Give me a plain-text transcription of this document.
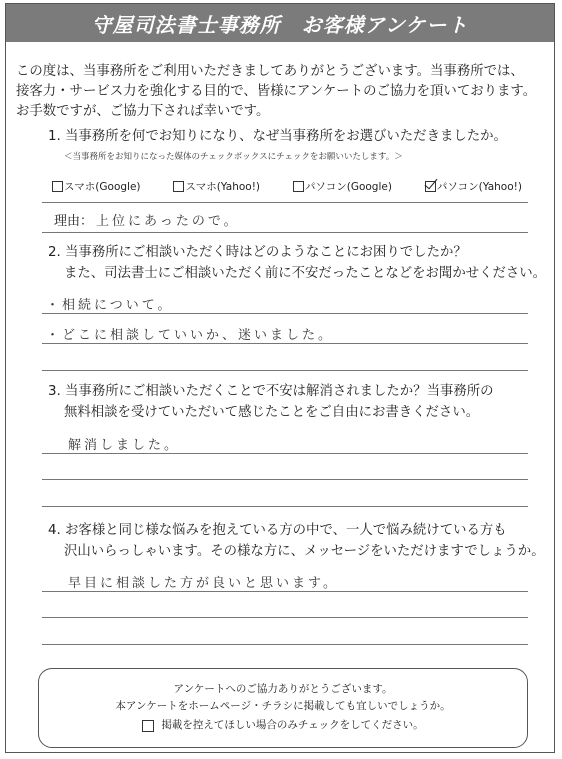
守屋司法書士事務所　お客様アンケート

この度は、当事務所をご利用いただきましてありがとうございます。当事務所では、

接客力・サービス力を強化する目的で、皆様にアンケートのご協力を頂いております。

お手数ですが、ご協力下されば幸いです。

1. 当事務所を何でお知りになり、なぜ当事務所をお選びいただきましたか。
＜当事務所をお知りになった媒体のチェックボックスにチェックをお願いいたします。＞
スマホ(Google)	スマホ(Yahoo!)	パソコン(Google)	パソコン(Yahoo!)
理由： 上位にあったので。
2. 当事務所にご相談いただく時はどのようなことにお困りでしたか？
また、司法書士にご相談いただく前に不安だったことなどをお聞かせください。
・相続について。
・どこに相談していいか、迷いました。
3. 当事務所にご相談いただくことで不安は解消されましたか？当事務所の
無料相談を受けていただいて感じたことをご自由にお書きください。
解消しました。
4. お客様と同じ様な悩みを抱えている方の中で、一人で悩み続けている方も
沢山いらっしゃいます。その様な方に、メッセージをいただけますでしょうか。
早目に相談した方が良いと思います。
アンケートへのご協力ありがとうございます。
本アンケートをホームページ・チラシに掲載しても宜しいでしょうか。
掲載を控えてほしい場合のみチェックをしてください。
